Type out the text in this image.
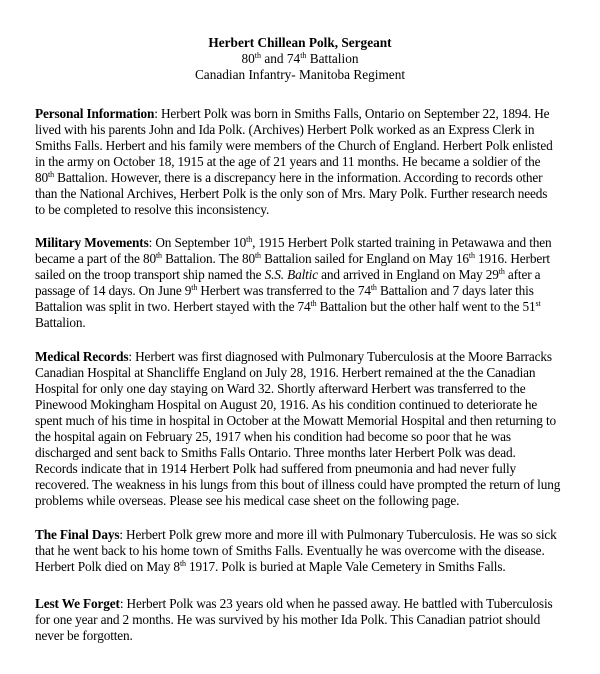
Herbert Chillean Polk, Sergeant
80th and 74th Battalion
Canadian Infantry- Manitoba Regiment
Personal Information: Herbert Polk was born in Smiths Falls, Ontario on September 22, 1894. He
lived with his parents John and Ida Polk. (Archives) Herbert Polk worked as an Express Clerk in
Smiths Falls. Herbert and his family were members of the Church of England. Herbert Polk enlisted
in the army on October 18, 1915 at the age of 21 years and 11 months. He became a soldier of the
80th Battalion. However, there is a discrepancy here in the information. According to records other
than the National Archives, Herbert Polk is the only son of Mrs. Mary Polk. Further research needs
to be completed to resolve this inconsistency.
Military Movements: On September 10th, 1915 Herbert Polk started training in Petawawa and then
became a part of the 80th Battalion. The 80th Battalion sailed for England on May 16th 1916. Herbert
sailed on the troop transport ship named the S.S. Baltic and arrived in England on May 29th after a
passage of 14 days. On June 9th Herbert was transferred to the 74th Battalion and 7 days later this
Battalion was split in two. Herbert stayed with the 74th Battalion but the other half went to the 51st
Battalion.
Medical Records: Herbert was first diagnosed with Pulmonary Tuberculosis at the Moore Barracks
Canadian Hospital at Shancliffe England on July 28, 1916. Herbert remained at the the Canadian
Hospital for only one day staying on Ward 32. Shortly afterward Herbert was transferred to the
Pinewood Mokingham Hospital on August 20, 1916. As his condition continued to deteriorate he
spent much of his time in hospital in October at the Mowatt Memorial Hospital and then returning to
the hospital again on February 25, 1917 when his condition had become so poor that he was
discharged and sent back to Smiths Falls Ontario. Three months later Herbert Polk was dead.
Records indicate that in 1914 Herbert Polk had suffered from pneumonia and had never fully
recovered. The weakness in his lungs from this bout of illness could have prompted the return of lung
problems while overseas. Please see his medical case sheet on the following page.
The Final Days: Herbert Polk grew more and more ill with Pulmonary Tuberculosis. He was so sick
that he went back to his home town of Smiths Falls. Eventually he was overcome with the disease.
Herbert Polk died on May 8th 1917. Polk is buried at Maple Vale Cemetery in Smiths Falls.
Lest We Forget: Herbert Polk was 23 years old when he passed away. He battled with Tuberculosis
for one year and 2 months. He was survived by his mother Ida Polk. This Canadian patriot should
never be forgotten.
